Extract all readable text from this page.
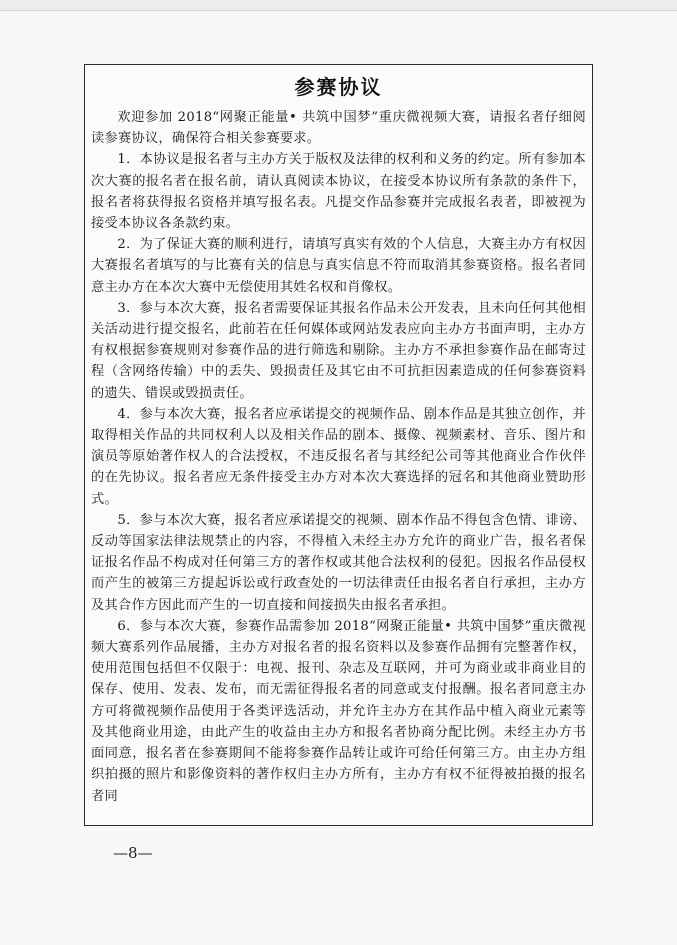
参赛协议

欢迎参加 2018“网聚正能量• 共筑中国梦”重庆微视频大赛，请报名者仔细阅读参赛协议，确保符合相关参赛要求。

1．本协议是报名者与主办方关于版权及法律的权利和义务的约定。所有参加本次大赛的报名者在报名前，请认真阅读本协议，在接受本协议所有条款的条件下，报名者将获得报名资格并填写报名表。凡提交作品参赛并完成报名表者，即被视为接受本协议各条款约束。

2．为了保证大赛的顺利进行，请填写真实有效的个人信息，大赛主办方有权因大赛报名者填写的与比赛有关的信息与真实信息不符而取消其参赛资格。报名者同意主办方在本次大赛中无偿使用其姓名权和肖像权。

3．参与本次大赛，报名者需要保证其报名作品未公开发表，且未向任何其他相关活动进行提交报名，此前若在任何媒体或网站发表应向主办方书面声明，主办方有权根据参赛规则对参赛作品的进行筛选和剔除。主办方不承担参赛作品在邮寄过程（含网络传输）中的丢失、毁损责任及其它由不可抗拒因素造成的任何参赛资料的遗失、错误或毁损责任。

4．参与本次大赛，报名者应承诺提交的视频作品、剧本作品是其独立创作，并取得相关作品的共同权利人以及相关作品的剧本、摄像、视频素材、音乐、图片和演员等原始著作权人的合法授权，不违反报名者与其经纪公司等其他商业合作伙伴的在先协议。报名者应无条件接受主办方对本次大赛选择的冠名和其他商业赞助形式。

5．参与本次大赛，报名者应承诺提交的视频、剧本作品不得包含色情、诽谤、反动等国家法律法规禁止的内容，不得植入未经主办方允许的商业广告，报名者保证报名作品不构成对任何第三方的著作权或其他合法权利的侵犯。因报名作品侵权而产生的被第三方提起诉讼或行政查处的一切法律责任由报名者自行承担，主办方及其合作方因此而产生的一切直接和间接损失由报名者承担。

6．参与本次大赛，参赛作品需参加 2018“网聚正能量• 共筑中国梦”重庆微视频大赛系列作品展播，主办方对报名者的报名资料以及参赛作品拥有完整著作权，使用范围包括但不仅限于：电视、报刊、杂志及互联网，并可为商业或非商业目的保存、使用、发表、发布，而无需征得报名者的同意或支付报酬。报名者同意主办方可将微视频作品使用于各类评选活动，并允许主办方在其作品中植入商业元素等及其他商业用途，由此产生的收益由主办方和报名者协商分配比例。未经主办方书面同意，报名者在参赛期间不能将参赛作品转让或许可给任何第三方。由主办方组织拍摄的照片和影像资料的著作权归主办方所有，主办方有权不征得被拍摄的报名者同

—8—
